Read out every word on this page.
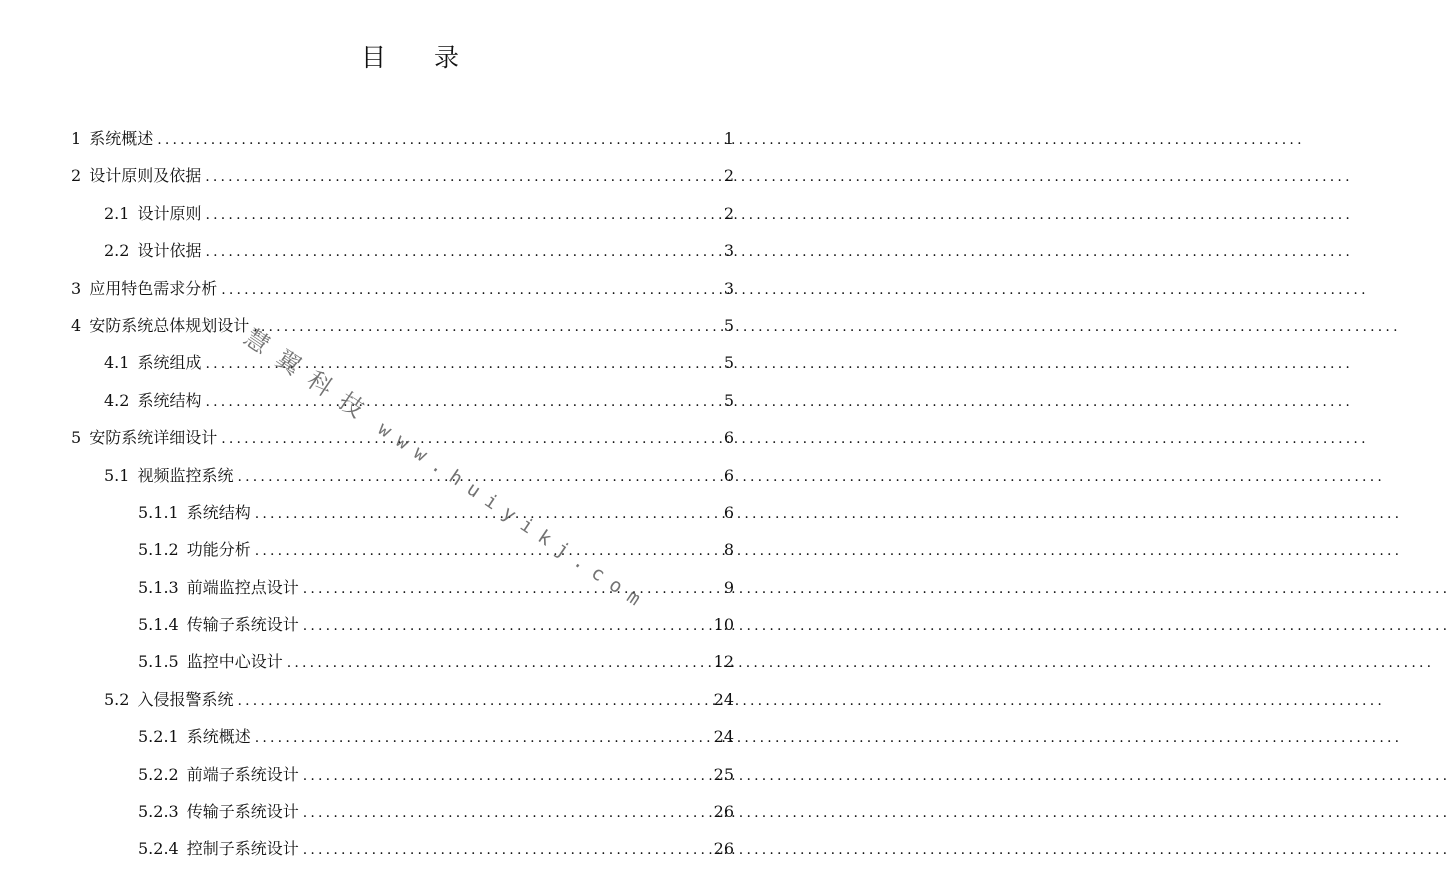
目 录
1 系统概述 .....	1
2 设计原则及依据 .....	2
2.1 设计原则 .....	2
2.2 设计依据 .....	3
3 应用特色需求分析 .....	3
4 安防系统总体规划设计 .....	5
4.1 系统组成 .....	5
4.2 系统结构 .....	5
5 安防系统详细设计 .....	6
5.1 视频监控系统 .....	6
5.1.1 系统结构 .....	6
5.1.2 功能分析 .....	8
5.1.3 前端监控点设计 .....	9
5.1.4 传输子系统设计 .....	10
5.1.5 监控中心设计 .....	12
5.2 入侵报警系统 .....	24
5.2.1 系统概述 .....	24
5.2.2 前端子系统设计 .....	25
5.2.3 传输子系统设计 .....	26
5.2.4 控制子系统设计 .....	26
慧翼科技www.huiyikj.com
